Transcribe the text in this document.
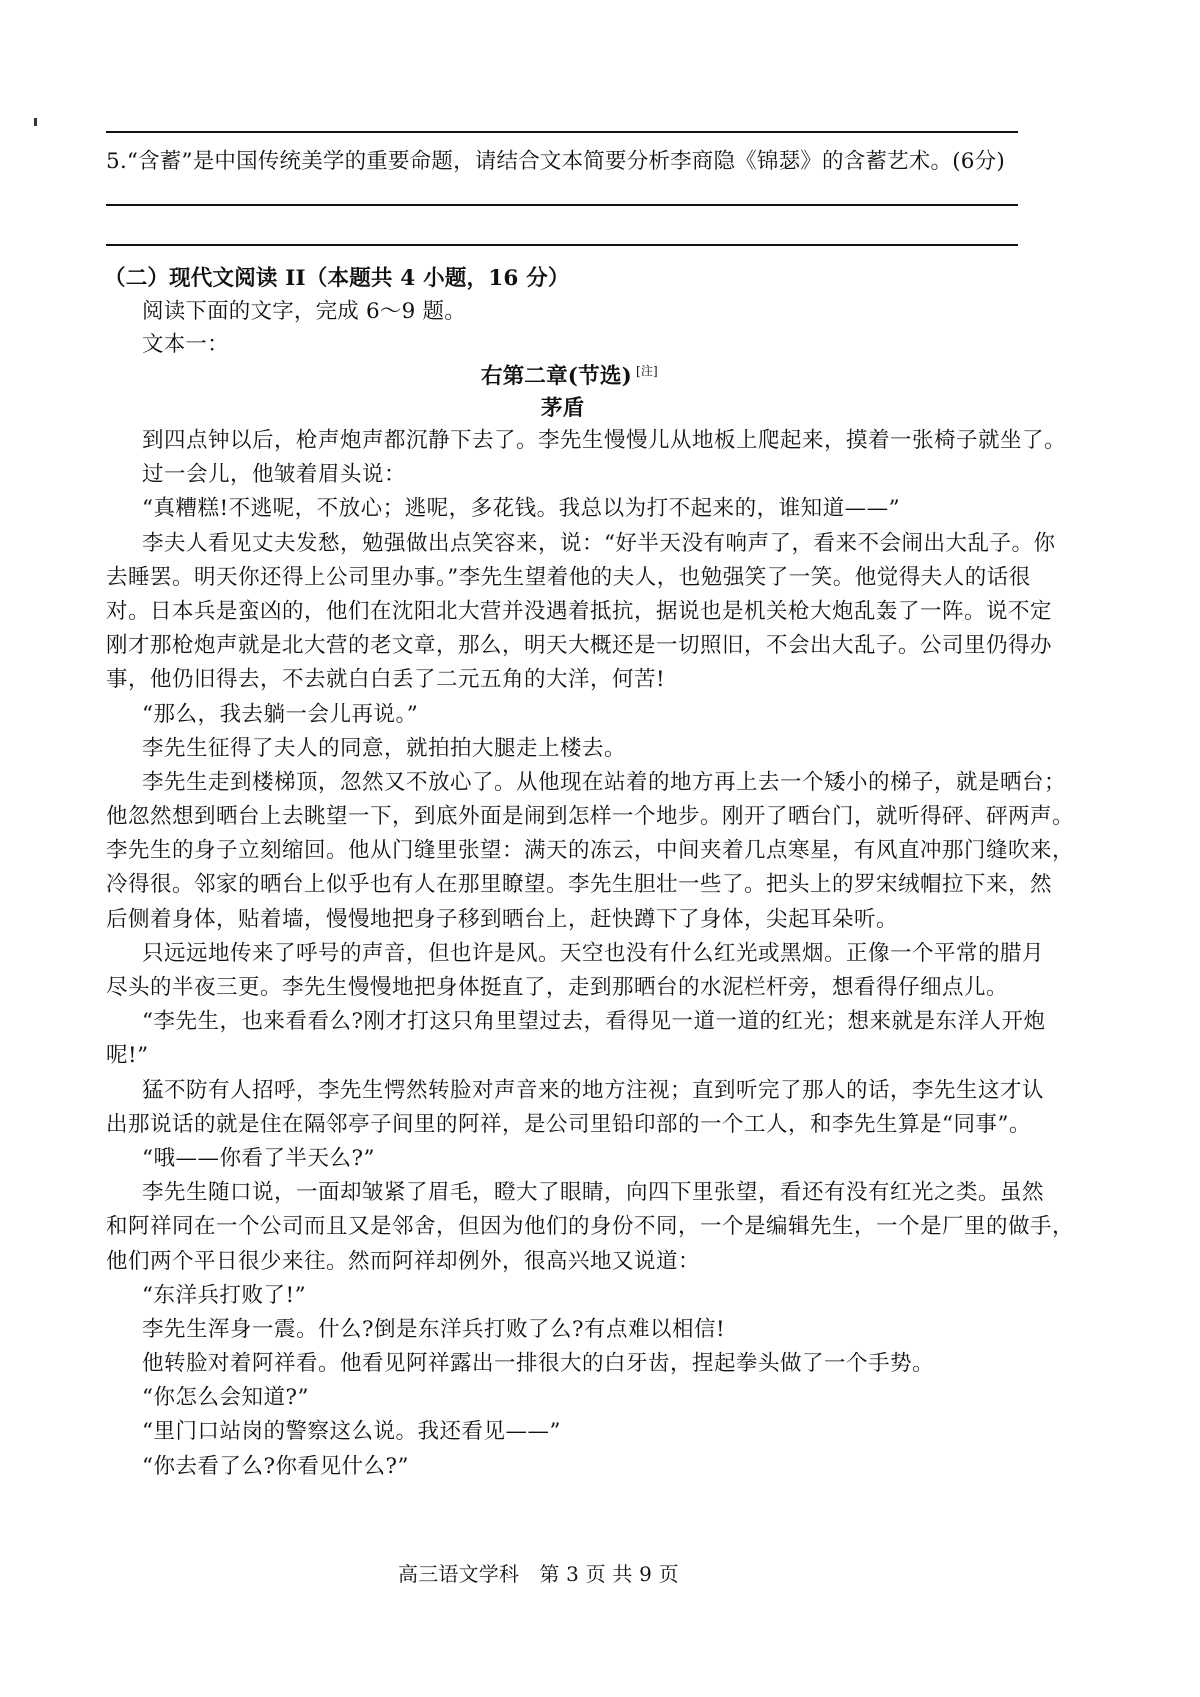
5.“含蓄”是中国传统美学的重要命题，请结合文本简要分析李商隐《锦瑟》的含蓄艺术。(6分)
（二）现代文阅读 II（本题共 4 小题，16 分）
阅读下面的文字，完成 6～9 题。
文本一：
右第二章(节选) [注]
茅盾
到四点钟以后，枪声炮声都沉静下去了。李先生慢慢儿从地板上爬起来，摸着一张椅子就坐了。
过一会儿，他皱着眉头说：
“真糟糕!不逃呢，不放心；逃呢，多花钱。我总以为打不起来的，谁知道——”
李夫人看见丈夫发愁，勉强做出点笑容来，说：“好半天没有响声了，看来不会闹出大乱子。你
去睡罢。明天你还得上公司里办事。”李先生望着他的夫人，也勉强笑了一笑。他觉得夫人的话很
对。日本兵是蛮凶的，他们在沈阳北大营并没遇着抵抗，据说也是机关枪大炮乱轰了一阵。说不定
刚才那枪炮声就是北大营的老文章，那么，明天大概还是一切照旧，不会出大乱子。公司里仍得办
事，他仍旧得去，不去就白白丢了二元五角的大洋，何苦!
“那么，我去躺一会儿再说。”
李先生征得了夫人的同意，就拍拍大腿走上楼去。
李先生走到楼梯顶，忽然又不放心了。从他现在站着的地方再上去一个矮小的梯子，就是晒台；
他忽然想到晒台上去眺望一下，到底外面是闹到怎样一个地步。刚开了晒台门，就听得砰、砰两声。
李先生的身子立刻缩回。他从门缝里张望：满天的冻云，中间夹着几点寒星，有风直冲那门缝吹来，
冷得很。邻家的晒台上似乎也有人在那里瞭望。李先生胆壮一些了。把头上的罗宋绒帽拉下来，然
后侧着身体，贴着墙，慢慢地把身子移到晒台上，赶快蹲下了身体，尖起耳朵听。
只远远地传来了呼号的声音，但也许是风。天空也没有什么红光或黑烟。正像一个平常的腊月
尽头的半夜三更。李先生慢慢地把身体挺直了，走到那晒台的水泥栏杆旁，想看得仔细点儿。
“李先生，也来看看么?刚才打这只角里望过去，看得见一道一道的红光；想来就是东洋人开炮
呢!”
猛不防有人招呼，李先生愕然转脸对声音来的地方注视；直到听完了那人的话，李先生这才认
出那说话的就是住在隔邻亭子间里的阿祥，是公司里铅印部的一个工人，和李先生算是“同事”。
“哦——你看了半天么?”
李先生随口说，一面却皱紧了眉毛，瞪大了眼睛，向四下里张望，看还有没有红光之类。虽然
和阿祥同在一个公司而且又是邻舍，但因为他们的身份不同，一个是编辑先生，一个是厂里的做手，
他们两个平日很少来往。然而阿祥却例外，很高兴地又说道：
“东洋兵打败了!”
李先生浑身一震。什么?倒是东洋兵打败了么?有点难以相信!
他转脸对着阿祥看。他看见阿祥露出一排很大的白牙齿，捏起拳头做了一个手势。
“你怎么会知道?”
“里门口站岗的警察这么说。我还看见——”
“你去看了么?你看见什么?”
高三语文学科　第 3 页 共 9 页
